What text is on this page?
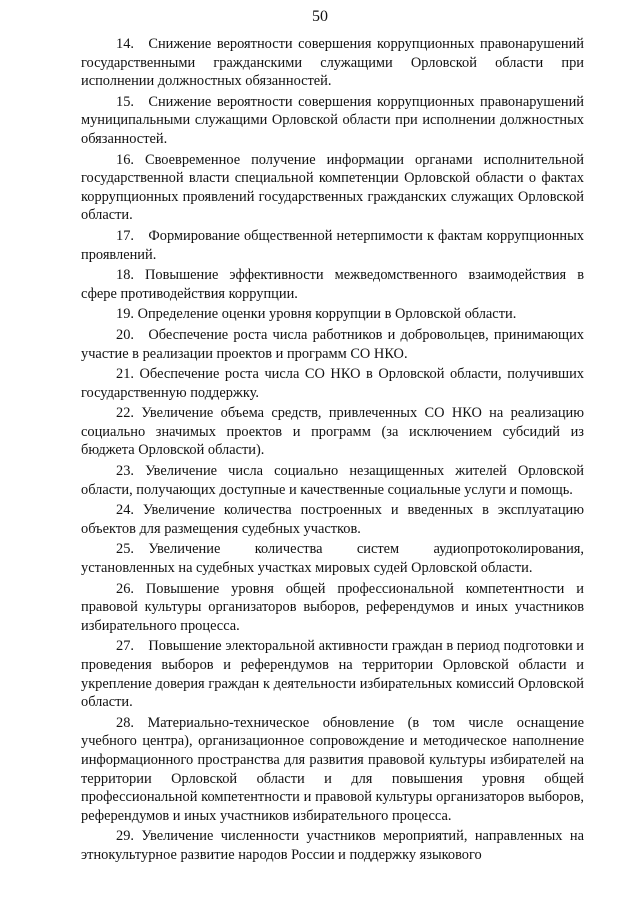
50

14. Снижение вероятности совершения коррупционных правонарушений государственными гражданскими служащими Орловской области при исполнении должностных обязанностей.

15. Снижение вероятности совершения коррупционных правонарушений муниципальными служащими Орловской области при исполнении должностных обязанностей.

16. Своевременное получение информации органами исполнительной государственной власти специальной компетенции Орловской области о фактах коррупционных проявлений государственных гражданских служащих Орловской области.

17. Формирование общественной нетерпимости к фактам коррупционных проявлений.

18. Повышение эффективности межведомственного взаимодействия в сфере противодействия коррупции.

19. Определение оценки уровня коррупции в Орловской области.

20. Обеспечение роста числа работников и добровольцев, принимающих участие в реализации проектов и программ СО НКО.

21. Обеспечение роста числа СО НКО в Орловской области, получивших государственную поддержку.

22. Увеличение объема средств, привлеченных СО НКО на реализацию социально значимых проектов и программ (за исключением субсидий из бюджета Орловской области).

23. Увеличение числа социально незащищенных жителей Орловской области, получающих доступные и качественные социальные услуги и помощь.

24. Увеличение количества построенных и введенных в эксплуатацию объектов для размещения судебных участков.

25. Увеличение количества систем аудиопротоколирования, установленных на судебных участках мировых судей Орловской области.

26. Повышение уровня общей профессиональной компетентности и правовой культуры организаторов выборов, референдумов и иных участников избирательного процесса.

27. Повышение электоральной активности граждан в период подготовки и проведения выборов и референдумов на территории Орловской области и укрепление доверия граждан к деятельности избирательных комиссий Орловской области.

28. Материально-техническое обновление (в том числе оснащение учебного центра), организационное сопровождение и методическое наполнение информационного пространства для развития правовой культуры избирателей на территории Орловской области и для повышения уровня общей профессиональной компетентности и правовой культуры организаторов выборов, референдумов и иных участников избирательного процесса.

29. Увеличение численности участников мероприятий, направленных на этнокультурное развитие народов России и поддержку языкового
